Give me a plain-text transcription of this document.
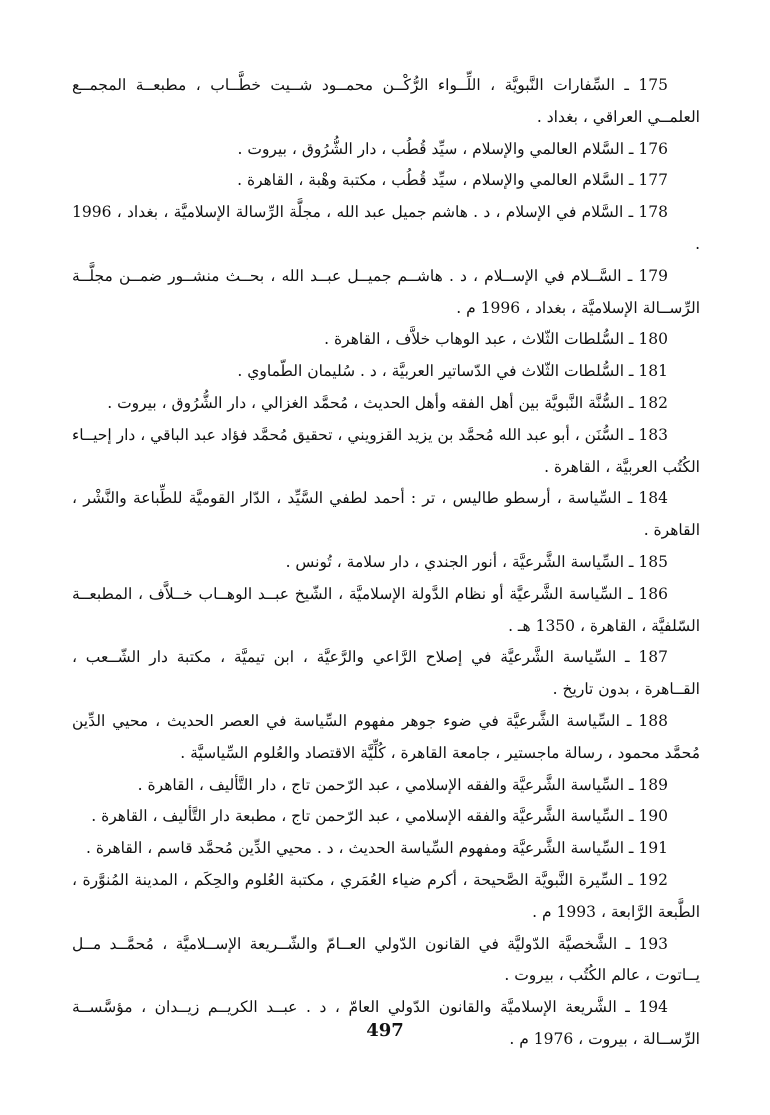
175 ـ السِّفارات النَّبويَّة ، اللِّــواء الرُّكْــن محمــود شــيت خطَّــاب ، مطبعــة المجمــع العلمــي العراقي ، بغداد .

176 ـ السَّلام العالمي والإسلام ، سيِّد قُطُب ، دار الشُّرُوق ، بيروت .

177 ـ السَّلام العالمي والإسلام ، سيِّد قُطُب ، مكتبة وهْبة ، القاهرة .

178 ـ السَّلام في الإسلام ، د . هاشم جميل عبد الله ، مجلَّة الرِّسالة الإسلاميَّة ، بغداد ، 1996 .

179 ـ السَّــلام في الإســلام ، د . هاشــم جميــل عبــد الله ، بحــث منشــور ضمــن مجلَّــة الرِّســالة الإسلاميَّة ، بغداد ، 1996 م .

180 ـ السُّلطات الثّلاث ، عبد الوهاب خلاَّف ، القاهرة .

181 ـ السُّلطات الثّلاث في الدّساتير العربيَّة ، د . سُليمان الطّماوي .

182 ـ السُّنَّة النَّبويَّة بين أهل الفقه وأهل الحديث ، مُحمَّد الغزالي ، دار الشُّرُوق ، بيروت .

183 ـ السُّنَن ، أبو عبد الله مُحمَّد بن يزيد القزويني ، تحقيق مُحمَّد فؤاد عبد الباقي ، دار إحيــاء الكُتُب العربيَّة ، القاهرة .

184 ـ السِّياسة ، أرسطو طاليس ، تر : أحمد لطفي السَّيِّد ، الدّار القوميَّة للطِّباعة والنَّشْر ، القاهرة .

185 ـ السِّياسة الشَّرعيَّة ، أنور الجندي ، دار سلامة ، تُونس .

186 ـ السِّياسة الشَّرعيَّة أو نظام الدَّولة الإسلاميَّة ، الشّيخ عبــد الوهــاب خــلاَّف ، المطبعــة السّلفيَّة ، القاهرة ، 1350 هـ .

187 ـ السِّياسة الشَّرعيَّة في إصلاح الرَّاعي والرَّعيَّة ، ابن تيميَّة ، مكتبة دار الشّــعب ، القــاهرة ، بدون تاريخ .

188 ـ السِّياسة الشَّرعيَّة في ضوء جوهر مفهوم السِّياسة في العصر الحديث ، محيي الدِّين مُحمَّد محمود ، رسالة ماجستير ، جامعة القاهرة ، كُلِّيَّة الاقتصاد والعُلوم السِّياسيَّة .

189 ـ السِّياسة الشَّرعيَّة والفقه الإسلامي ، عبد الرّحمن تاج ، دار التَّأليف ، القاهرة .

190 ـ السِّياسة الشَّرعيَّة والفقه الإسلامي ، عبد الرّحمن تاج ، مطبعة دار التَّأليف ، القاهرة .

191 ـ السِّياسة الشَّرعيَّة ومفهوم السِّياسة الحديث ، د . محيي الدِّين مُحمَّد قاسم ، القاهرة .

192 ـ السِّيرة النَّبويَّة الصَّحيحة ، أكرم ضياء العُمَري ، مكتبة العُلوم والحِكَم ، المدينة المُنوَّرة ، الطَّبعة الرَّابعة ، 1993 م .

193 ـ الشَّخصيَّة الدّوليَّة في القانون الدّولي العــامّ والشّــريعة الإســلاميَّة ، مُحمَّــد مــل يــاتوت ، عالم الكُتُب ، بيروت .

194 ـ الشَّريعة الإسلاميَّة والقانون الدّولي العامّ ، د . عبــد الكريــم زيــدان ، مؤسَّســة الرِّســالة ، بيروت ، 1976 م .

497
